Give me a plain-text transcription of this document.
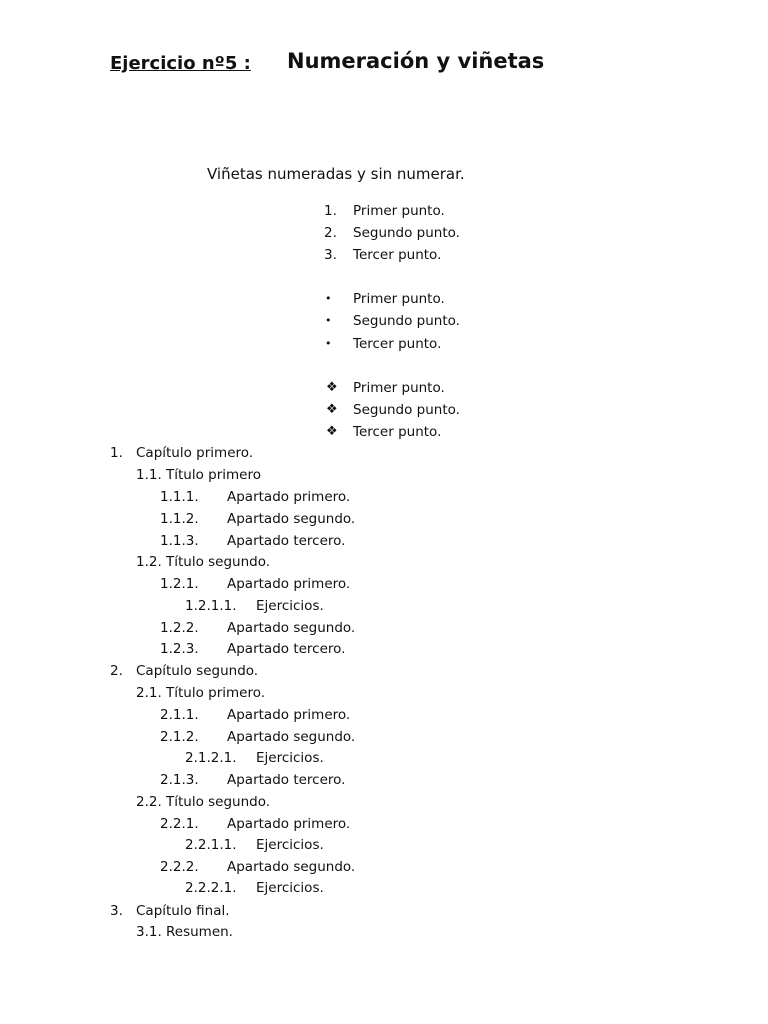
Ejercicio nº5 : Numeración y viñetas
Viñetas numeradas y sin numerar.
1. Primer punto.
2. Segundo punto.
3. Tercer punto.
• Primer punto.
• Segundo punto.
• Tercer punto.
❖ Primer punto.
❖ Segundo punto.
❖ Tercer punto.
1. Capítulo primero.
1.1. Título primero
1.1.1. Apartado primero.
1.1.2. Apartado segundo.
1.1.3. Apartado tercero.
1.2. Título segundo.
1.2.1. Apartado primero.
1.2.1.1. Ejercicios.
1.2.2. Apartado segundo.
1.2.3. Apartado tercero.
2. Capítulo segundo.
2.1. Título primero.
2.1.1. Apartado primero.
2.1.2. Apartado segundo.
2.1.2.1. Ejercicios.
2.1.3. Apartado tercero.
2.2. Título segundo.
2.2.1. Apartado primero.
2.2.1.1. Ejercicios.
2.2.2. Apartado segundo.
2.2.2.1. Ejercicios.
3. Capítulo final.
3.1. Resumen.
